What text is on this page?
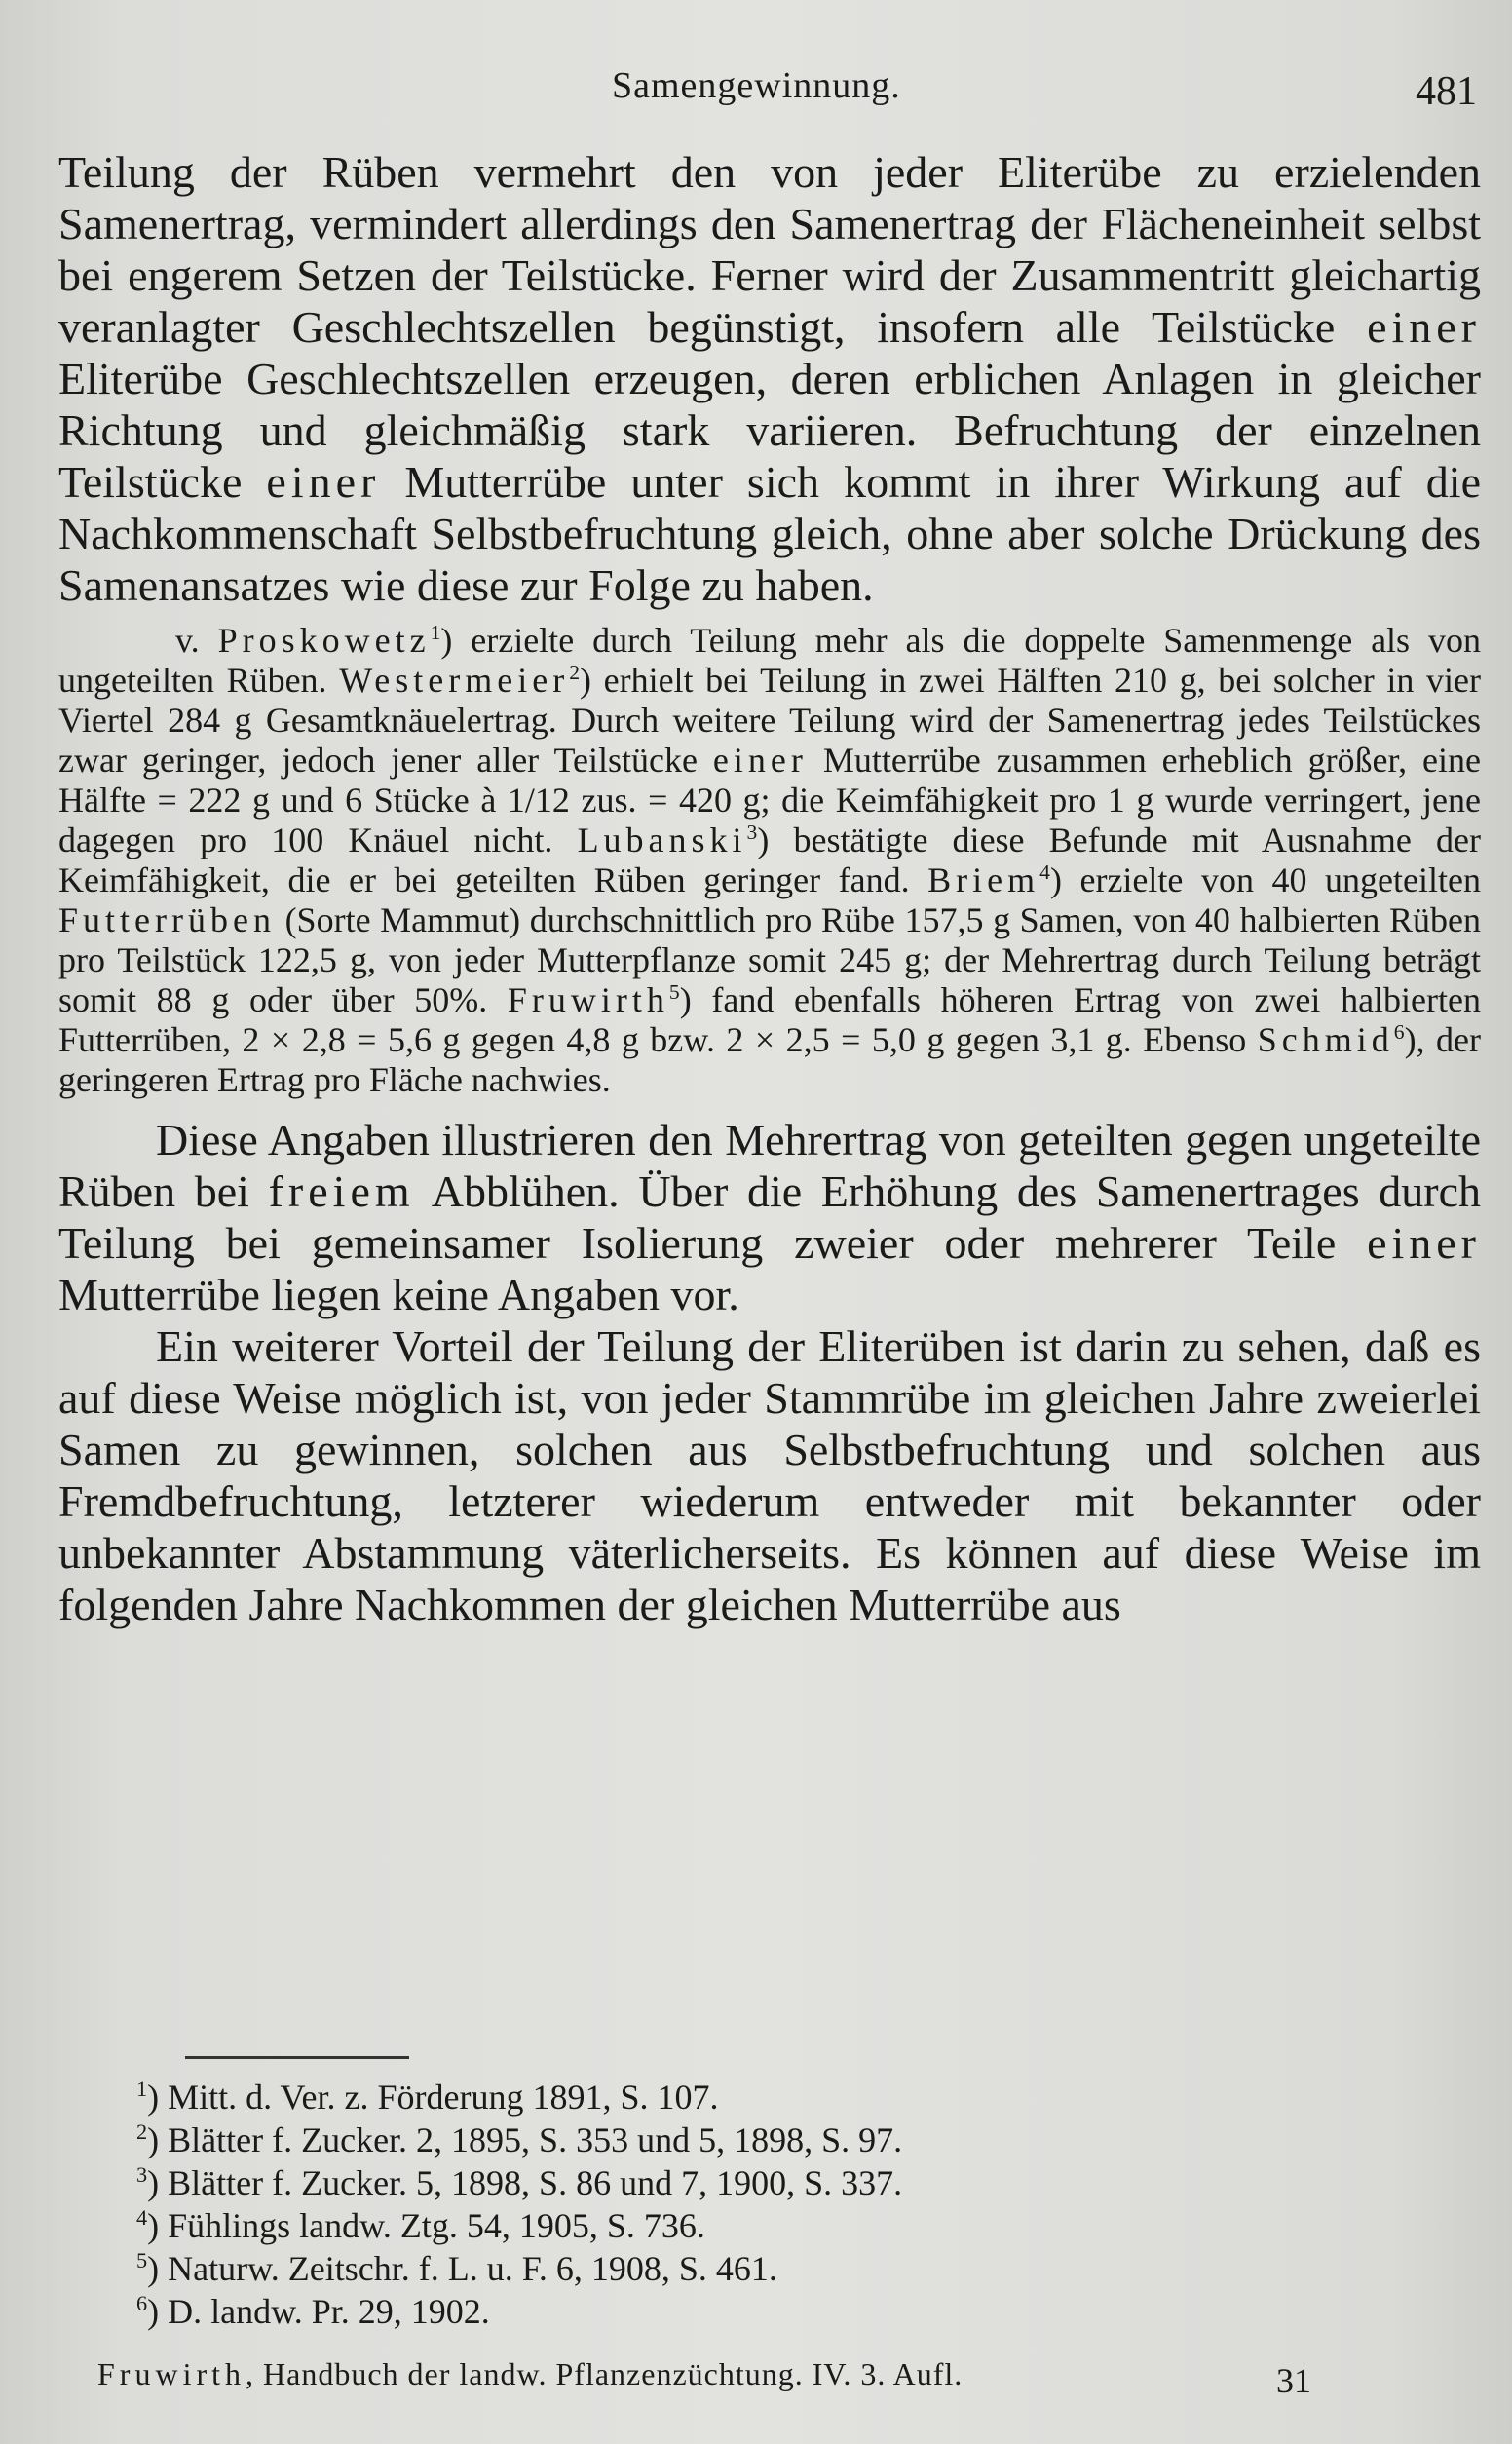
Samengewinnung.	481
Teilung der Rüben vermehrt den von jeder Eliterübe zu erzielenden Samenertrag, vermindert allerdings den Samenertrag der Flächeneinheit selbst bei engerem Setzen der Teilstücke. Ferner wird der Zusammentritt gleichartig veranlagter Geschlechtszellen begünstigt, insofern alle Teilstücke einer Eliterübe Geschlechtszellen erzeugen, deren erblichen Anlagen in gleicher Richtung und gleichmäßig stark variieren. Befruchtung der einzelnen Teilstücke einer Mutterrübe unter sich kommt in ihrer Wirkung auf die Nachkommenschaft Selbstbefruchtung gleich, ohne aber solche Drückung des Samenansatzes wie diese zur Folge zu haben.
v. Proskowetz$^1$) erzielte durch Teilung mehr als die doppelte Samenmenge als von ungeteilten Rüben. Westermeier$^2$) erhielt bei Teilung in zwei Hälften 210 g, bei solcher in vier Viertel 284 g Gesamtknäuelertrag. Durch weitere Teilung wird der Samenertrag jedes Teilstückes zwar geringer, jedoch jener aller Teilstücke einer Mutterrübe zusammen erheblich größer, eine Hälfte = 222 g und 6 Stücke à 1/12 zus. = 420 g; die Keimfähigkeit pro 1 g wurde verringert, jene dagegen pro 100 Knäuel nicht. Lubanski$^3$) bestätigte diese Befunde mit Ausnahme der Keimfähigkeit, die er bei geteilten Rüben geringer fand. Briem$^4$) erzielte von 40 ungeteilten Futterrüben (Sorte Mammut) durchschnittlich pro Rübe 157,5 g Samen, von 40 halbierten Rüben pro Teilstück 122,5 g, von jeder Mutterpflanze somit 245 g; der Mehrertrag durch Teilung beträgt somit 88 g oder über 50%. Fruwirth$^5$) fand ebenfalls höheren Ertrag von zwei halbierten Futterrüben, 2 × 2,8 = 5,6 g gegen 4,8 g bzw. 2 × 2,5 = 5,0 g gegen 3,1 g. Ebenso Schmid$^6$), der geringeren Ertrag pro Fläche nachwies.
Diese Angaben illustrieren den Mehrertrag von geteilten gegen ungeteilte Rüben bei freiem Abblühen. Über die Erhöhung des Samenertrages durch Teilung bei gemeinsamer Isolierung zweier oder mehrerer Teile einer Mutterrübe liegen keine Angaben vor.
Ein weiterer Vorteil der Teilung der Eliterüben ist darin zu sehen, daß es auf diese Weise möglich ist, von jeder Stammrübe im gleichen Jahre zweierlei Samen zu gewinnen, solchen aus Selbstbefruchtung und solchen aus Fremdbefruchtung, letzterer wiederum entweder mit bekannter oder unbekannter Abstammung väterlicherseits. Es können auf diese Weise im folgenden Jahre Nachkommen der gleichen Mutterrübe aus
$^1$) Mitt. d. Ver. z. Förderung 1891, S. 107.
$^2$) Blätter f. Zucker. 2, 1895, S. 353 und 5, 1898, S. 97.
$^3$) Blätter f. Zucker. 5, 1898, S. 86 und 7, 1900, S. 337.
$^4$) Fühlings landw. Ztg. 54, 1905, S. 736.
$^5$) Naturw. Zeitschr. f. L. u. F. 6, 1908, S. 461.
$^6$) D. landw. Pr. 29, 1902.
Fruwirth, Handbuch der landw. Pflanzenzüchtung. IV. 3. Aufl.	31
